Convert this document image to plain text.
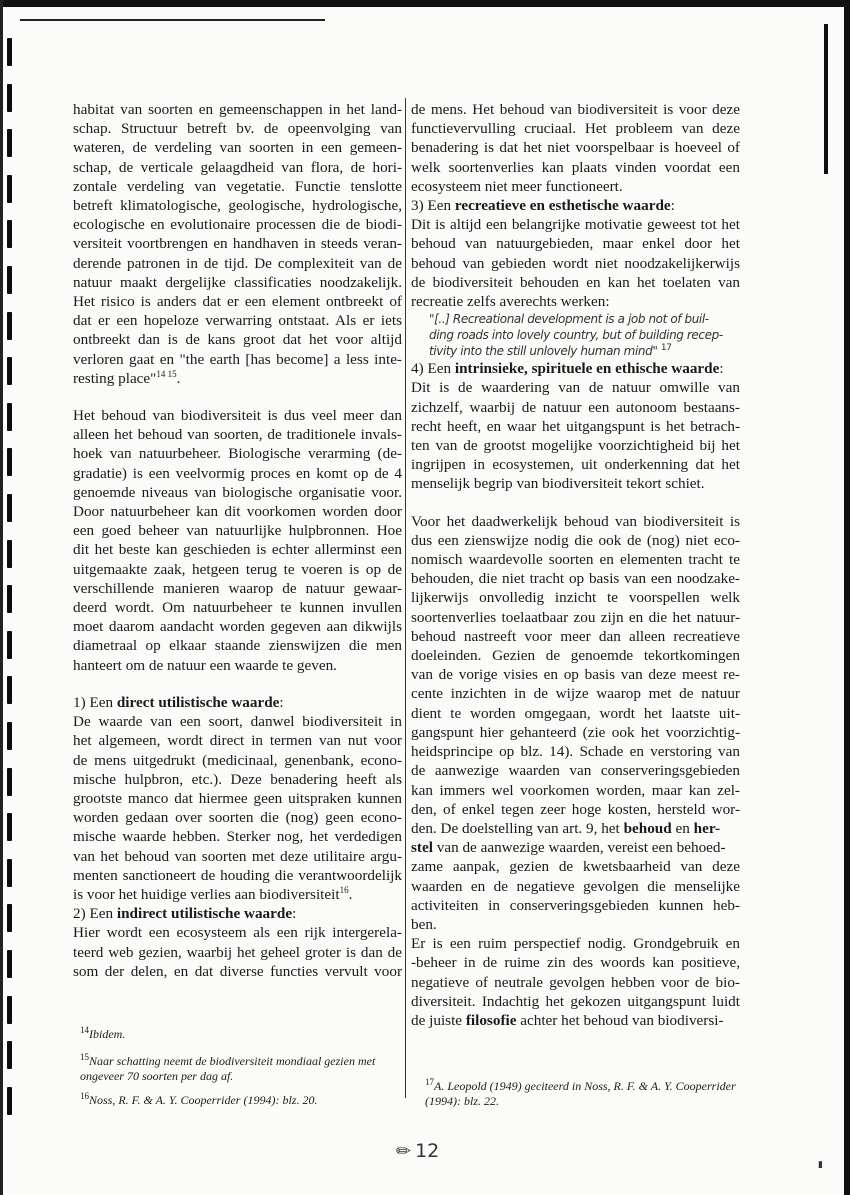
habitat van soorten en gemeenschappen in het land-

schap. Structuur betreft bv. de opeenvolging van

wateren, de verdeling van soorten in een gemeen-

schap, de verticale gelaagdheid van flora, de hori-

zontale verdeling van vegetatie. Functie tenslotte

betreft klimatologische, geologische, hydrologische,

ecologische en evolutionaire processen die de biodi-

versiteit voortbrengen en handhaven in steeds veran-

derende patronen in de tijd. De complexiteit van de

natuur maakt dergelijke classificaties noodzakelijk.

Het risico is anders dat er een element ontbreekt of

dat er een hopeloze verwarring ontstaat. Als er iets

ontbreekt dan is de kans groot dat het voor altijd

verloren gaat en "the earth [has become] a less inte-

resting place"$^{14 15}$.

Het behoud van biodiversiteit is dus veel meer dan

alleen het behoud van soorten, de traditionele invals-

hoek van natuurbeheer. Biologische verarming (de-

gradatie) is een veelvormig proces en komt op de 4

genoemde niveaus van biologische organisatie voor.

Door natuurbeheer kan dit voorkomen worden door

een goed beheer van natuurlijke hulpbronnen. Hoe

dit het beste kan geschieden is echter allerminst een

uitgemaakte zaak, hetgeen terug te voeren is op de

verschillende manieren waarop de natuur gewaar-

deerd wordt. Om natuurbeheer te kunnen invullen

moet daarom aandacht worden gegeven aan dikwijls

diametraal op elkaar staande zienswijzen die men

hanteert om de natuur een waarde te geven.

1) Een direct utilistische waarde:

De waarde van een soort, danwel biodiversiteit in

het algemeen, wordt direct in termen van nut voor

de mens uitgedrukt (medicinaal, genenbank, econo-

mische hulpbron, etc.). Deze benadering heeft als

grootste manco dat hiermee geen uitspraken kunnen

worden gedaan over soorten die (nog) geen econo-

mische waarde hebben. Sterker nog, het verdedigen

van het behoud van soorten met deze utilitaire argu-

menten sanctioneert de houding die verantwoordelijk

is voor het huidige verlies aan biodiversiteit$^{16}$.

2) Een indirect utilistische waarde:

Hier wordt een ecosysteem als een rijk intergerela-

teerd web gezien, waarbij het geheel groter is dan de

som der delen, en dat diverse functies vervult voor

$^{14}$Ibidem.

$^{15}$Naar schatting neemt de biodiversiteit mondiaal gezien met ongeveer 70 soorten per dag af.

$^{16}$Noss, R. F. & A. Y. Cooperrider (1994): blz. 20.

de mens. Het behoud van biodiversiteit is voor deze

functievervulling cruciaal. Het probleem van deze

benadering is dat het niet voorspelbaar is hoeveel of

welk soortenverlies kan plaats vinden voordat een

ecosysteem niet meer functioneert.

3) Een recreatieve en esthetische waarde:

Dit is altijd een belangrijke motivatie geweest tot het

behoud van natuurgebieden, maar enkel door het

behoud van gebieden wordt niet noodzakelijkerwijs

de biodiversiteit behouden en kan het toelaten van

recreatie zelfs averechts werken:

"[..] Recreational development is a job not of buil-

ding roads into lovely country, but of building recep-

tivity into the still unlovely human mind" $^{17}$

4) Een intrinsieke, spirituele en ethische waarde:

Dit is de waardering van de natuur omwille van

zichzelf, waarbij de natuur een autonoom bestaans-

recht heeft, en waar het uitgangspunt is het betrach-

ten van de grootst mogelijke voorzichtigheid bij het

ingrijpen in ecosystemen, uit onderkenning dat het

menselijk begrip van biodiversiteit tekort schiet.

Voor het daadwerkelijk behoud van biodiversiteit is

dus een zienswijze nodig die ook de (nog) niet eco-

nomisch waardevolle soorten en elementen tracht te

behouden, die niet tracht op basis van een noodzake-

lijkerwijs onvolledig inzicht te voorspellen welk

soortenverlies toelaatbaar zou zijn en die het natuur-

behoud nastreeft voor meer dan alleen recreatieve

doeleinden. Gezien de genoemde tekortkomingen

van de vorige visies en op basis van deze meest re-

cente inzichten in de wijze waarop met de natuur

dient te worden omgegaan, wordt het laatste uit-

gangspunt hier gehanteerd (zie ook het voorzichtig-

heidsprincipe op blz. 14). Schade en verstoring van

de aanwezige waarden van conserveringsgebieden

kan immers wel voorkomen worden, maar kan zel-

den, of enkel tegen zeer hoge kosten, hersteld wor-

den. De doelstelling van art. 9, het behoud en her-

stel van de aanwezige waarden, vereist een behoed-

zame aanpak, gezien de kwetsbaarheid van deze

waarden en de negatieve gevolgen die menselijke

activiteiten in conserveringsgebieden kunnen heb-

ben.

Er is een ruim perspectief nodig. Grondgebruik en

-beheer in de ruime zin des woords kan positieve,

negatieve of neutrale gevolgen hebben voor de bio-

diversiteit. Indachtig het gekozen uitgangspunt luidt

de juiste filosofie achter het behoud van biodiversi-

$^{17}$A. Leopold (1949) geciteerd in Noss, R. F. & A. Y. Cooperrider (1994): blz. 22.

✏ 12
▮
